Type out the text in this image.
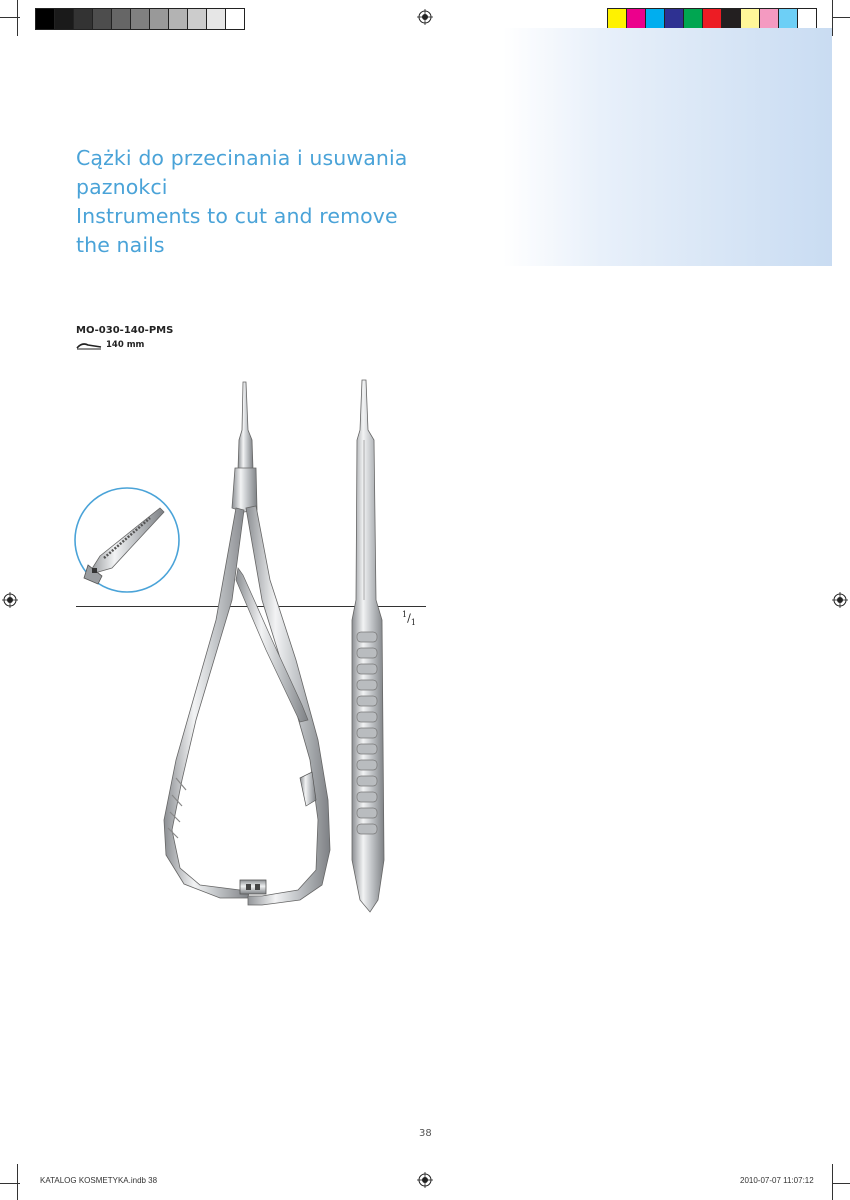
Cążki do przecinania i usuwania
paznokci
Instruments to cut and remove
the nails
MO-030-140-PMS
140 mm
$^1/_1$
38
KATALOG KOSMETYKA.indb 38	2010-07-07 11:07:12
